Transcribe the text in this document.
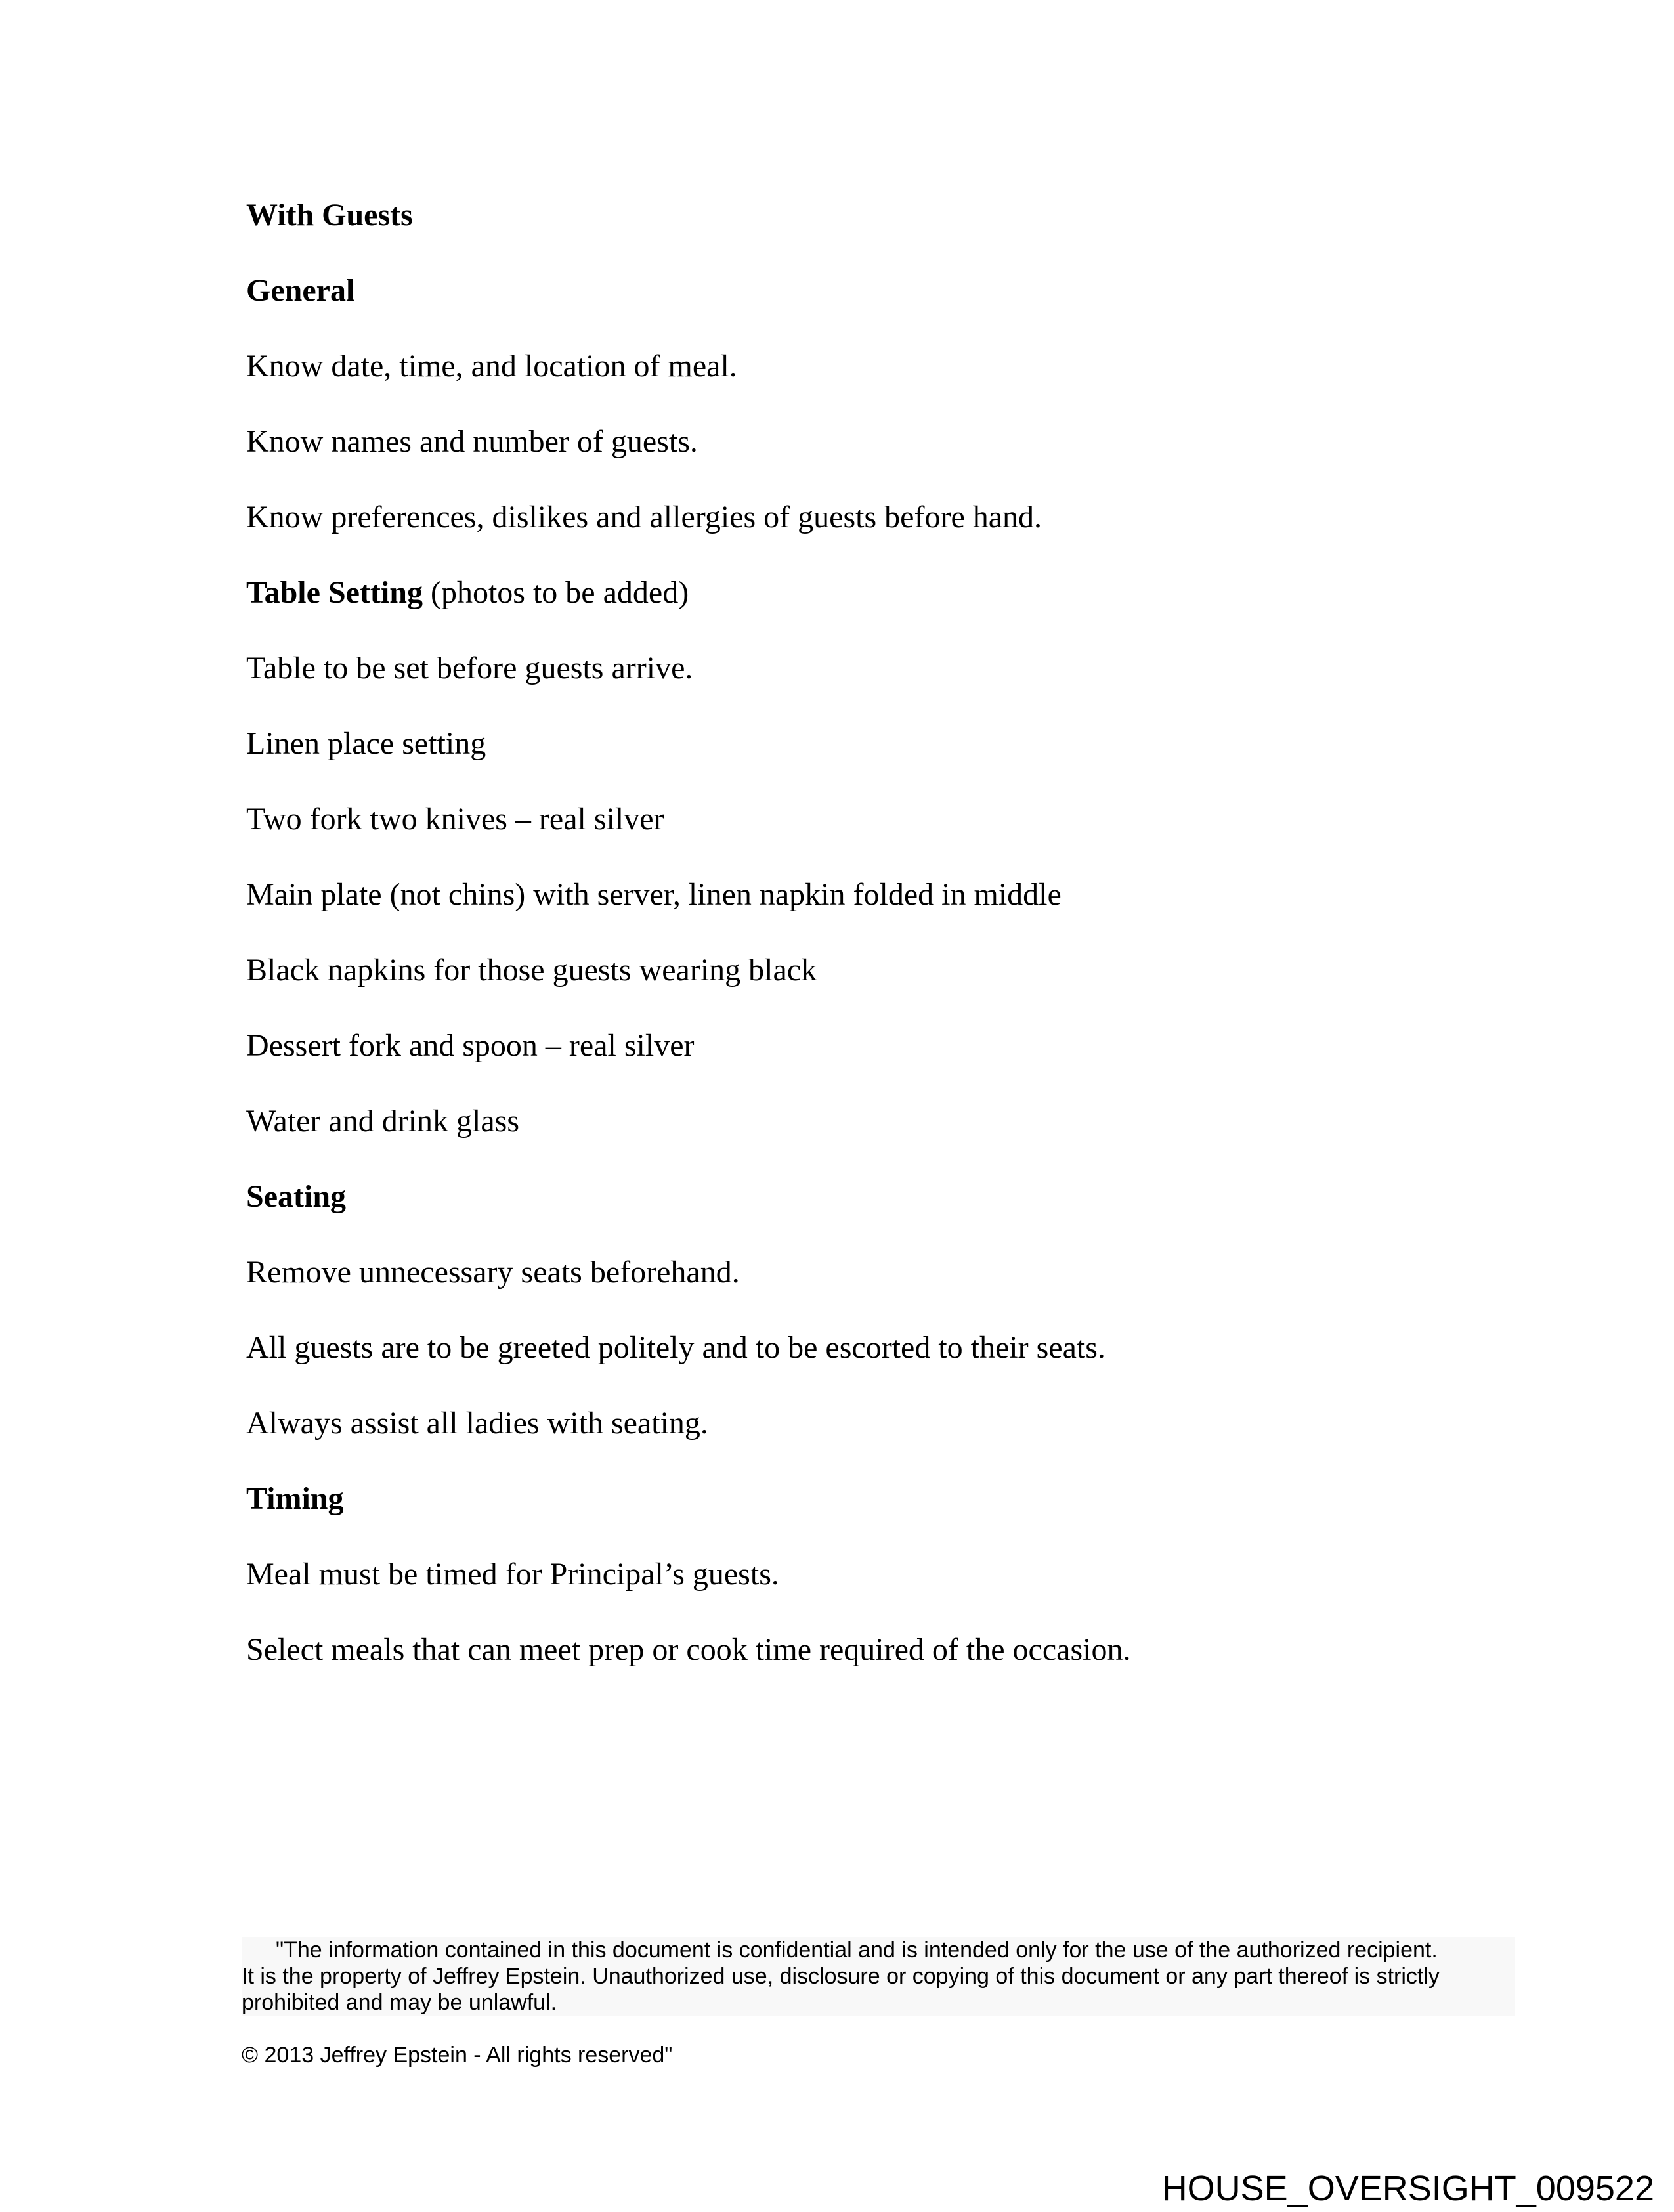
With Guests

General

Know date, time, and location of meal.

Know names and number of guests.

Know preferences, dislikes and allergies of guests before hand.

Table Setting (photos to be added)

Table to be set before guests arrive.

Linen place setting

Two fork two knives – real silver

Main plate (not chins) with server, linen napkin folded in middle

Black napkins for those guests wearing black

Dessert fork and spoon – real silver

Water and drink glass

Seating

Remove unnecessary seats beforehand.

All guests are to be greeted politely and to be escorted to their seats.

Always assist all ladies with seating.

Timing

Meal must be timed for Principal’s guests.

Select meals that can meet prep or cook time required of the occasion.

"The information contained in this document is confidential and is intended only for the use of the authorized recipient.

It is the property of Jeffrey Epstein. Unauthorized use, disclosure or copying of this document or any part thereof is strictly

prohibited and may be unlawful.

© 2013 Jeffrey Epstein - All rights reserved"

HOUSE_OVERSIGHT_009522
